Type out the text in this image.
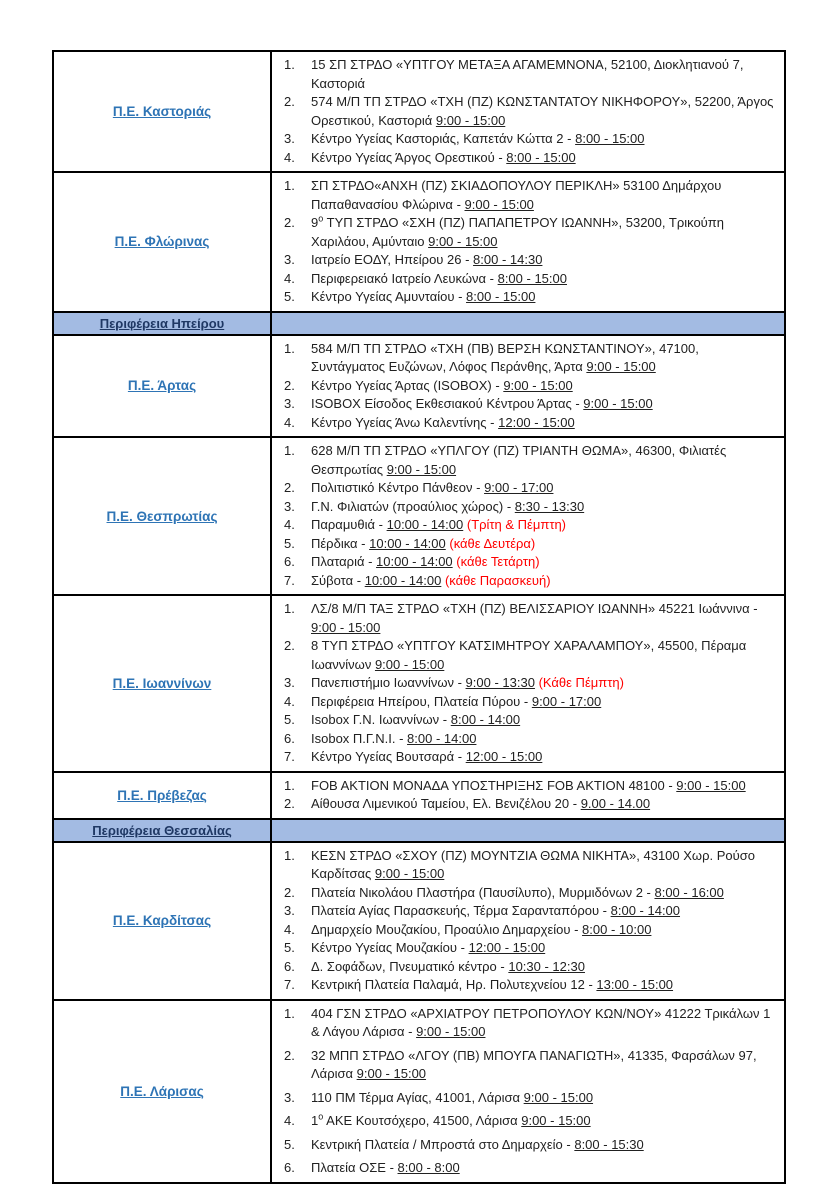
Π.Ε. Καστοριάς
15 ΣΠ ΣΤΡΔΟ «ΥΠΤΓΟΥ ΜΕΤΑΞΑ ΑΓΑΜΕΜΝΟΝΑ, 52100, Διοκλητιανού 7, Καστοριά
574 Μ/Π ΤΠ ΣΤΡΔΟ «ΤΧΗ (ΠΖ) ΚΩΝΣΤΑΝΤΑΤΟΥ ΝΙΚΗΦΟΡΟΥ», 52200, Άργος Ορεστικού, Καστοριά 9:00 - 15:00
Κέντρο Υγείας Καστοριάς, Καπετάν Κώττα 2 - 8:00 - 15:00
Κέντρο Υγείας Άργος Ορεστικού - 8:00 - 15:00
Π.Ε. Φλώρινας
ΣΠ ΣΤΡΔΟ«ΑΝΧΗ (ΠΖ) ΣΚΙΑΔΟΠΟΥΛΟΥ ΠΕΡΙΚΛΗ» 53100 Δημάρχου Παπαθανασίου Φλώρινα - 9:00 - 15:00
$9^o$ ΤΥΠ ΣΤΡΔΟ «ΣΧΗ (ΠΖ) ΠΑΠΑΠΕΤΡΟΥ ΙΩΑΝΝΗ», 53200, Τρικούπη Χαριλάου, Αμύνταιο 9:00 - 15:00
Ιατρείο ΕΟΔΥ, Ηπείρου 26 - 8:00 - 14:30
Περιφερειακό Ιατρείο Λευκώνα - 8:00 - 15:00
Κέντρο Υγείας Αμυνταίου - 8:00 - 15:00
Περιφέρεια Ηπείρου
Π.Ε. Άρτας
584 Μ/Π ΤΠ ΣΤΡΔΟ «ΤΧΗ (ΠΒ) ΒΕΡΣΗ ΚΩΝΣΤΑΝΤΙΝΟΥ», 47100, Συντάγματος Ευζώνων, Λόφος Περάνθης, Άρτα 9:00 - 15:00
Κέντρο Υγείας Άρτας (ISOBOX) - 9:00 - 15:00
ISOBOX Είσοδος Εκθεσιακού Κέντρου Άρτας - 9:00 - 15:00
Κέντρο Υγείας Άνω Καλεντίνης - 12:00 - 15:00
Π.Ε. Θεσπρωτίας
628 Μ/Π ΤΠ ΣΤΡΔΟ «ΥΠΛΓΟΥ (ΠΖ) ΤΡΙΑΝΤΗ ΘΩΜΑ», 46300, Φιλιατές Θεσπρωτίας 9:00 - 15:00
Πολιτιστικό Κέντρο Πάνθεον - 9:00 - 17:00
Γ.Ν. Φιλιατών (προαύλιος χώρος) - 8:30 - 13:30
Παραμυθιά - 10:00 - 14:00 (Τρίτη & Πέμπτη)
Πέρδικα - 10:00 - 14:00 (κάθε Δευτέρα)
Πλαταριά - 10:00 - 14:00 (κάθε Τετάρτη)
Σύβοτα - 10:00 - 14:00 (κάθε Παρασκευή)
Π.Ε. Ιωαννίνων
ΛΣ/8 Μ/Π ΤΑΞ ΣΤΡΔΟ «ΤΧΗ (ΠΖ) ΒΕΛΙΣΣΑΡΙΟΥ ΙΩΑΝΝΗ» 45221 Ιωάννινα - 9:00 - 15:00
8 ΤΥΠ ΣΤΡΔΟ «ΥΠΤΓΟΥ ΚΑΤΣΙΜΗΤΡΟΥ ΧΑΡΑΛΑΜΠΟΥ», 45500, Πέραμα Ιωαννίνων 9:00 - 15:00
Πανεπιστήμιο Ιωαννίνων - 9:00 - 13:30 (Κάθε Πέμπτη)
Περιφέρεια Ηπείρου, Πλατεία Πύρου - 9:00 - 17:00
Isobox Γ.Ν. Ιωαννίνων - 8:00 - 14:00
Isobox Π.Γ.Ν.Ι. - 8:00 - 14:00
Κέντρο Υγείας Βουτσαρά - 12:00 - 15:00
Π.Ε. Πρέβεζας
FOB AKTION ΜΟΝΑΔΑ ΥΠΟΣΤΗΡΙΞΗΣ FOB AKTION 48100 - 9:00 - 15:00
Αίθουσα Λιμενικού Ταμείου, Ελ. Βενιζέλου 20 - 9.00 - 14.00
Περιφέρεια Θεσσαλίας
Π.Ε. Καρδίτσας
ΚΕΣΝ ΣΤΡΔΟ «ΣΧΟΥ (ΠΖ) ΜΟΥΝΤΖΙΑ ΘΩΜΑ ΝΙΚΗΤΑ», 43100 Χωρ. Ρούσο Καρδίτσας 9:00 - 15:00
Πλατεία Νικολάου Πλαστήρα (Παυσίλυπο), Μυρμιδόνων 2 - 8:00 - 16:00
Πλατεία Αγίας Παρασκευής, Τέρμα Σαρανταπόρου - 8:00 - 14:00
Δημαρχείο Μουζακίου, Προαύλιο Δημαρχείου - 8:00 - 10:00
Κέντρο Υγείας Μουζακίου - 12:00 - 15:00
Δ. Σοφάδων, Πνευματικό κέντρο - 10:30 - 12:30
Κεντρική Πλατεία Παλαμά, Ηρ. Πολυτεχνείου 12 - 13:00 - 15:00
Π.Ε. Λάρισας
404 ΓΣΝ ΣΤΡΔΟ «ΑΡΧΙΑΤΡΟΥ ΠΕΤΡΟΠΟΥΛΟΥ ΚΩΝ/ΝΟΥ» 41222 Τρικάλων 1 & Λάγου Λάρισα - 9:00 - 15:00
32 ΜΠΠ ΣΤΡΔΟ «ΛΓΟΥ (ΠΒ) ΜΠΟΥΓΑ ΠΑΝΑΓΙΩΤΗ», 41335, Φαρσάλων 97, Λάρισα 9:00 - 15:00
110 ΠΜ Τέρμα Αγίας, 41001, Λάρισα 9:00 - 15:00
$1^o$ ΑΚΕ Κουτσόχερο, 41500, Λάρισα 9:00 - 15:00
Κεντρική Πλατεία / Μπροστά στο Δημαρχείο - 8:00 - 15:30
Πλατεία ΟΣΕ - 8:00 - 8:00
